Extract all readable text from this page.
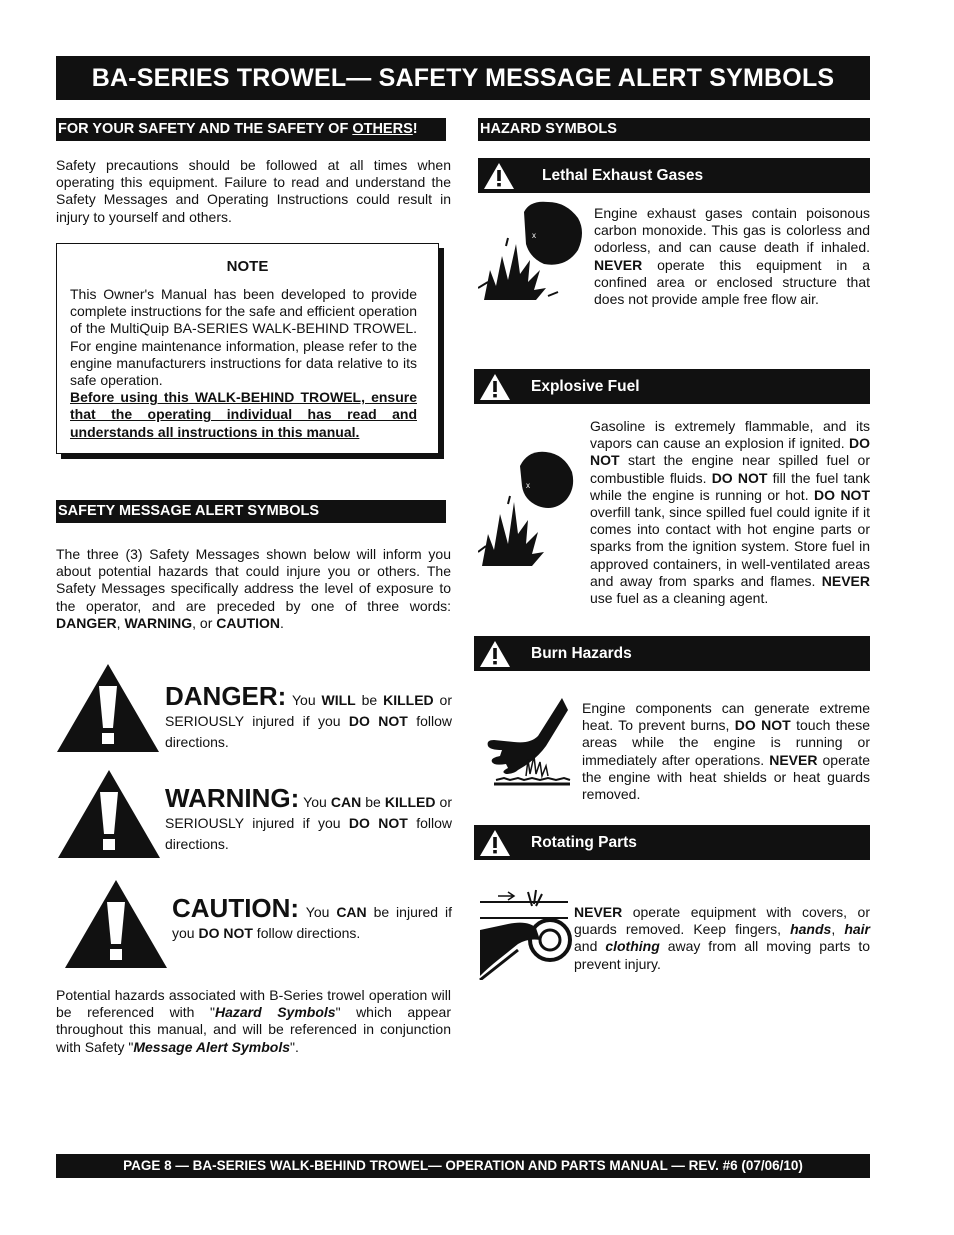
BA-SERIES TROWEL— SAFETY MESSAGE ALERT SYMBOLS
FOR YOUR SAFETY AND THE SAFETY OF OTHERS!
Safety precautions should be followed at all times when operating this equipment. Failure to read and understand the Safety Messages and Operating Instructions could result in injury to yourself and others.
NOTE
This Owner's Manual has been developed to provide complete instructions for the safe and efficient operation of the MultiQuip BA-SERIES WALK-BEHIND TROWEL. For engine maintenance information, please refer to the engine manufacturers instructions for data relative to its safe operation.
Before using this WALK-BEHIND TROWEL, ensure that the operating individual has read and understands all instructions in this manual.
SAFETY MESSAGE ALERT SYMBOLS
The three (3) Safety Messages shown below will inform you about potential hazards that could injure you or others. The Safety Messages specifically address the level of exposure to the operator, and are preceded by one of three words: DANGER, WARNING, or CAUTION.
DANGER: You WILL be KILLED or SERIOUSLY injured if you DO NOT follow directions.
WARNING: You CAN be KILLED or SERIOUSLY injured if you DO NOT follow directions.
CAUTION: You CAN be injured if you DO NOT follow directions.
Potential hazards associated with B-Series trowel operation will be referenced with "Hazard Symbols" which appear throughout this manual, and will be referenced in conjunction with Safety "Message Alert Symbols".
HAZARD SYMBOLS
Lethal Exhaust Gases
x
Engine exhaust gases contain poisonous carbon monoxide. This gas is colorless and odorless, and can cause death if inhaled. NEVER operate this equipment in a confined area or enclosed structure that does not provide ample free flow air.
Explosive Fuel
x
Gasoline is extremely flammable, and its vapors can cause an explosion if ignited. DO NOT start the engine near spilled fuel or combustible fluids. DO NOT fill the fuel tank while the engine is running or hot. DO NOT overfill tank, since spilled fuel could ignite if it comes into contact with hot engine parts or sparks from the ignition system. Store fuel in approved containers, in well-ventilated areas and away from sparks and flames. NEVER use fuel as a cleaning agent.
Burn Hazards
Engine components can generate extreme heat. To prevent burns, DO NOT touch these areas while the engine is running or immediately after operations. NEVER operate the engine with heat shields or heat guards removed.
Rotating Parts
NEVER operate equipment with covers, or guards removed. Keep fingers, hands, hair and clothing away from all moving parts to prevent injury.
PAGE 8 — BA-SERIES WALK-BEHIND TROWEL— OPERATION AND PARTS MANUAL — REV. #6 (07/06/10)
